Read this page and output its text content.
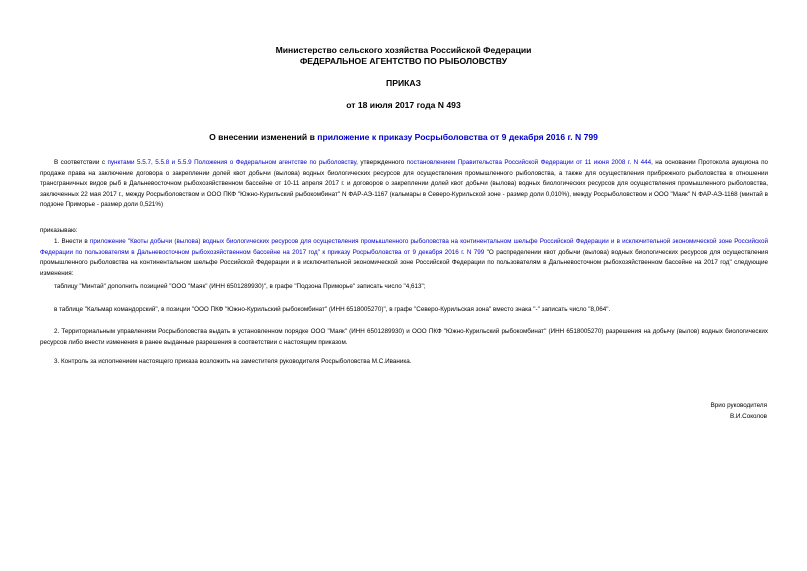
Министерство сельского хозяйства Российской Федерации
ФЕДЕРАЛЬНОЕ АГЕНТСТВО ПО РЫБОЛОВСТВУ
ПРИКАЗ
от 18 июля 2017 года N 493
О внесении изменений в приложение к приказу Росрыболовства от 9 декабря 2016 г. N 799
В соответствии с пунктами 5.5.7, 5.5.8 и 5.5.9 Положения о Федеральном агентстве по рыболовству, утвержденного постановлением Правительства Российской Федерации от 11 июня 2008 г. N 444, на основании Протокола аукциона по продаже права на заключение договора о закреплении долей квот добычи (вылова) водных биологических ресурсов для осуществления промышленного рыболовства, а также для осуществления прибрежного рыболовства в отношении трансграничных видов рыб в Дальневосточном рыбохозяйственном бассейне от 10-11 апреля 2017 г. и договоров о закреплении долей квот добычи (вылова) водных биологических ресурсов для осуществления промышленного рыболовства, заключенных 22 мая 2017 г., между Росрыболовством и ООО ПКФ "Южно-Курильский рыбокомбинат" N ФАР-АЭ-1167 (кальмары в Северо-Курильской зоне - размер доли 0,010%), между Росрыболовством и ООО "Маяк" N ФАР-АЭ-1168 (минтай в подзоне Приморье - размер доли 0,521%)
приказываю:
1. Внести в приложение "Квоты добычи (вылова) водных биологических ресурсов для осуществления промышленного рыболовства на континентальном шельфе Российской Федерации и в исключительной экономической зоне Российской Федерации по пользователям в Дальневосточном рыбохозяйственном бассейне на 2017 год" к приказу Росрыболовства от 9 декабря 2016 г. N 799 "О распределении квот добычи (вылова) водных биологических ресурсов для осуществления промышленного рыболовства на континентальном шельфе Российской Федерации и в исключительной экономической зоне Российской Федерации по пользователям в Дальневосточном рыбохозяйственном бассейне на 2017 год" следующие изменения:
таблицу "Минтай" дополнить позицией "ООО "Маяк" (ИНН 6501289930)", в графе "Подзона Приморье" записать число "4,613";
в таблице "Кальмар командорский", в позиции "ООО ПКФ "Южно-Курильский рыбокомбинат" (ИНН 6518005270)", в графе "Северо-Курильская зона" вместо знака "-" записать число "8,064".
2. Территориальным управлениям Росрыболовства выдать в установленном порядке ООО "Маяк" (ИНН 6501289930) и ООО ПКФ "Южно-Курильский рыбокомбинат" (ИНН 6518005270) разрешения на добычу (вылов) водных биологических ресурсов либо внести изменения в ранее выданные разрешения в соответствии с настоящим приказом.
3. Контроль за исполнением настоящего приказа возложить на заместителя руководителя Росрыболовства М.С.Иваника.
Врио руководителя
В.И.Соколов
